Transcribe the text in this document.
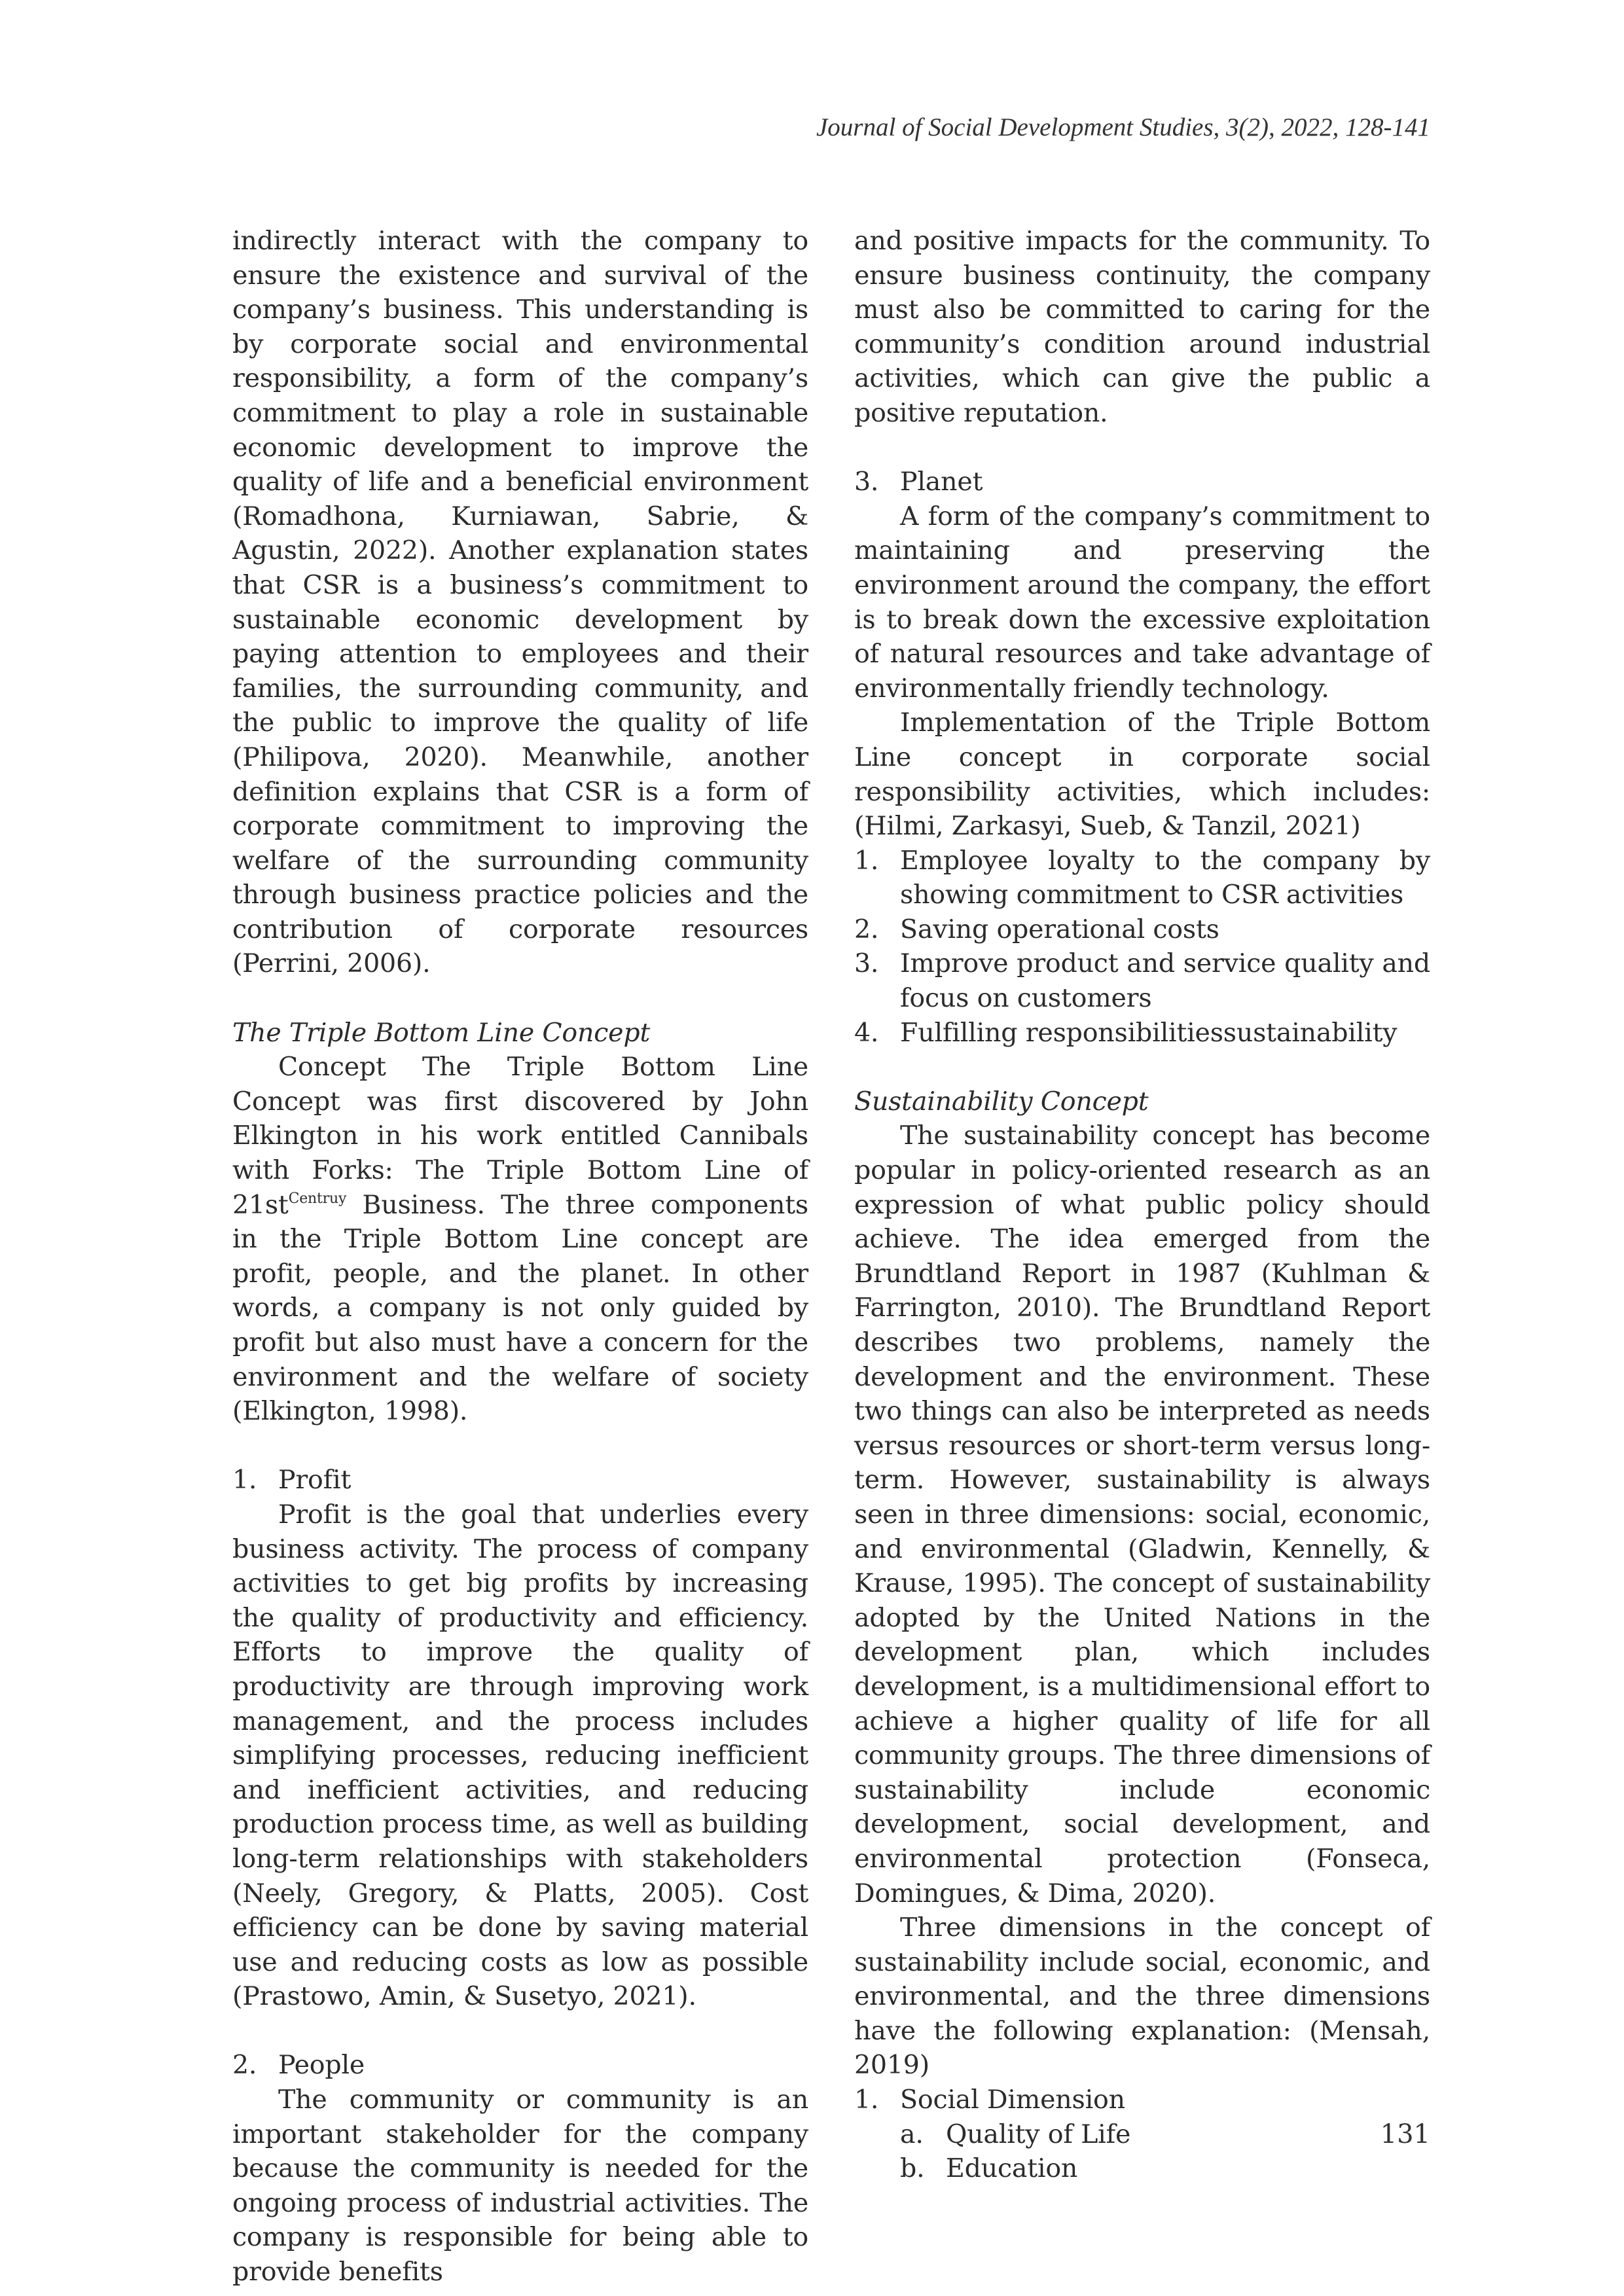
Journal of Social Development Studies, 3(2), 2022, 128-141

indirectly interact with the company to ensure the existence and survival of the company’s business. This understanding is by corporate social and environmental responsibility, a form of the company’s commitment to play a role in sustainable economic development to improve the quality of life and a beneficial environment (Romadhona, Kurniawan, Sabrie, & Agustin, 2022). Another explanation states that CSR is a business’s commitment to sustainable economic development by paying attention to employees and their families, the surrounding community, and the public to improve the quality of life (Philipova, 2020). Meanwhile, another definition explains that CSR is a form of corporate commitment to improving the welfare of the surrounding community through business practice policies and the contribution of corporate resources (Perrini, 2006).

The Triple Bottom Line Concept

Concept The Triple Bottom Line Concept was first discovered by John Elkington in his work entitled Cannibals with Forks: The Triple Bottom Line of $21st^{Centruy}$ Business. The three components in the Triple Bottom Line concept are profit, people, and the planet. In other words, a company is not only guided by profit but also must have a concern for the environment and the welfare of society (Elkington, 1998).

1. Profit

Profit is the goal that underlies every business activity. The process of company activities to get big profits by increasing the quality of productivity and efficiency. Efforts to improve the quality of productivity are through improving work management, and the process includes simplifying processes, reducing inefficient and inefficient activities, and reducing production process time, as well as building long-term relationships with stakeholders (Neely, Gregory, & Platts, 2005). Cost efficiency can be done by saving material use and reducing costs as low as possible (Prastowo, Amin, & Susetyo, 2021).

2. People

The community or community is an important stakeholder for the company because the community is needed for the ongoing process of industrial activities. The company is responsible for being able to provide benefits

and positive impacts for the community. To ensure business continuity, the company must also be committed to caring for the community’s condition around industrial activities, which can give the public a positive reputation.

3. Planet

A form of the company’s commitment to maintaining and preserving the environment around the company, the effort is to break down the excessive exploitation of natural resources and take advantage of environmentally friendly technology.

Implementation of the Triple Bottom Line concept in corporate social responsibility activities, which includes: (Hilmi, Zarkasyi, Sueb, & Tanzil, 2021)

1. Employee loyalty to the company by showing commitment to CSR activities
2. Saving operational costs
3. Improve product and service quality and focus on customers
4. Fulfilling responsibilitiessustainability

Sustainability Concept

The sustainability concept has become popular in policy-oriented research as an expression of what public policy should achieve. The idea emerged from the Brundtland Report in 1987 (Kuhlman & Farrington, 2010). The Brundtland Report describes two problems, namely the development and the environment. These two things can also be interpreted as needs versus resources or short-term versus long-term. However, sustainability is always seen in three dimensions: social, economic, and environmental (Gladwin, Kennelly, & Krause, 1995). The concept of sustainability adopted by the United Nations in the development plan, which includes development, is a multidimensional effort to achieve a higher quality of life for all community groups. The three dimensions of sustainability include economic development, social development, and environmental protection (Fonseca, Domingues, & Dima, 2020).

Three dimensions in the concept of sustainability include social, economic, and environmental, and the three dimensions have the following explanation: (Mensah, 2019)

1. Social Dimension
a. Quality of Life
b. Education
131
